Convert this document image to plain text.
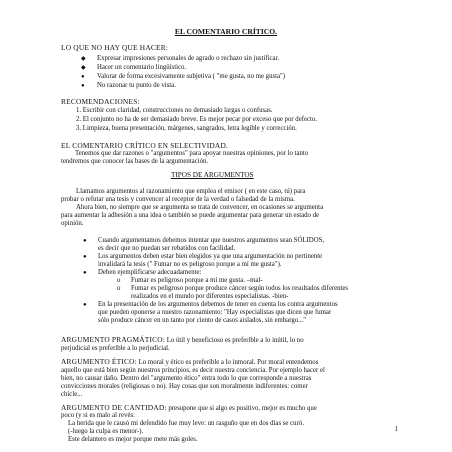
EL COMENTARIO CRÍTICO.
LO QUE NO HAY QUE HACER:
◆ Expresar impresiones personales de agrado o rechazo sin justificar.
◆ Hacer un comentario lingüístico.
● Valorar de forma excesivamente subjetiva ( "me gusta, no me gusta")
● No razonar tu punto de vista.
RECOMENDACIONES:
1. Escribir con claridad, construcciones no demasiado largas o confusas.
2. El conjunto no ha de ser demasiado breve. Es mejor pecar por exceso que por defecto.
3. Limpieza, buena presentación, márgenes, sangrados, letra legible y corrección.
EL COMENTARIO CRÍTICO EN SELECTIVIDAD.
Tenemos que dar razones o "argumentos" para apoyar nuestras opiniones, por lo tanto
tendremos que conocer las bases de la argumentación.
TIPOS DE ARGUMENTOS
Llamamos argumentos al razonamiento que emplea el emisor ( en este caso, tú) para
probar o refutar una tesis y convencer al receptor de la verdad o falsedad de la misma.
Ahora bien, no siempre que se argumenta se trata de convencer, en ocasiones se argumenta
para aumentar la adhesión a una idea o también se puede argumentar para generar un estado de
opinión.
● Cuando argumentamos debemos intentar que nuestros argumentos sean SÓLIDOS,
es decir que no puedan ser rebatidos con facilidad.
● Los argumentos deben estar bien elegidos ya que una argumentación no pertinente
invalidará la tesis (" Fumar no es peligroso porque a mí me gusta").
● Deben ejemplificarse adecuadamente:
o Fumar es peligroso porque a mí me gusta. –mal-
o Fumar es peligroso porque produce cáncer según todos los resultados diferentes
realizados en el mundo por diferentes especialistas. -bien-
● En la presentación de los argumentos debemos de tener en cuenta los contra argumentos
que pueden oponerse a nuestro razonamiento: "Hay especialistas que dicen que fumar
sólo produce cáncer en un tanto por ciento de casos aislados, sin embargo..."
ARGUMENTO PRAGMÁTICO: Lo útil y beneficioso es preferible a lo inútil, lo no
perjudicial es preferible a lo perjudicial.
ARGUMENTO ÉTICO: Lo moral y ético es preferible a lo inmoral. Por moral entendemos
aquello que está bien según nuestros principios, es decir nuestra conciencia. Por ejemplo hacer el
bien, no causar daño. Dentro del "argumento ético" entra todo lo que corresponde a nuestras
convicciones morales (religiosas o no). Hay cosas que son moralmente indiferentes: comer
chicle...
ARGUMENTO DE CANTIDAD: presupone que si algo es positivo, mejor es mucho que
poco (y si es malo al revés:
La herida que le causó mi defendido fue muy leve: un rasguño que en dos días se curó.
(-luego la culpa es menor-).
Este delantero es mejor porque mete más goles.
1
